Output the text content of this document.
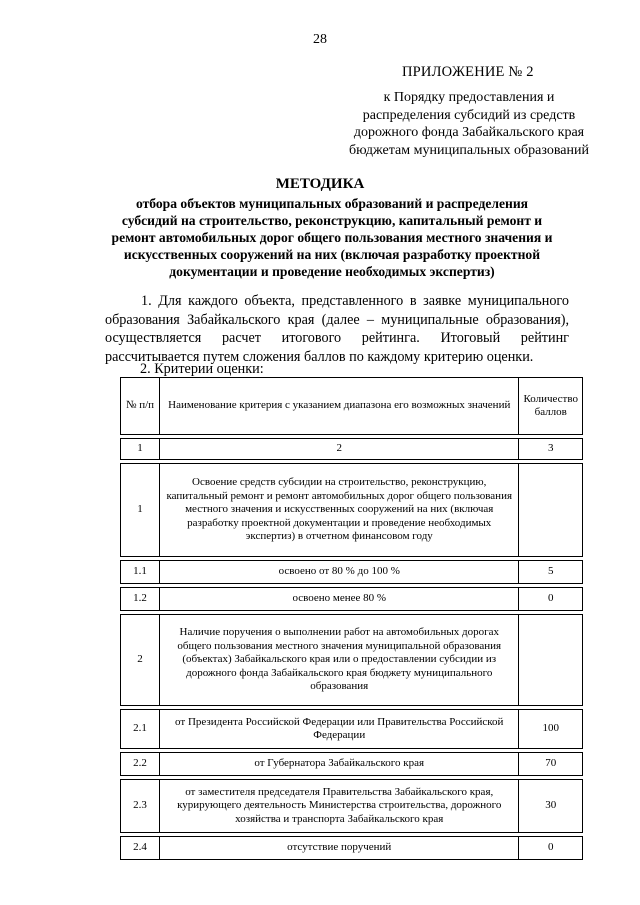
28
ПРИЛОЖЕНИЕ № 2
к Порядку предоставления и распределения субсидий из средств дорожного фонда Забайкальского края бюджетам муниципальных образований
МЕТОДИКА
отбора объектов муниципальных образований и распределения субсидий на строительство, реконструкцию, капитальный ремонт и ремонт автомобильных дорог общего пользования местного значения и искусственных сооружений на них (включая разработку проектной документации и проведение необходимых экспертиз)

1. Для каждого объекта, представленного в заявке муниципального образования Забайкальского края (далее – муниципальные образования), осуществляется расчет итогового рейтинга. Итоговый рейтинг рассчитывается путем сложения баллов по каждому критерию оценки.

2. Критерии оценки:
№ п/п	Наименование критерия с указанием диапазона его возможных значений	Количество баллов

1	2	3

1	Освоение средств субсидии на строительство, реконструкцию, капитальный ремонт и ремонт автомобильных дорог общего пользования местного значения и искусственных сооружений на них (включая разработку проектной документации и проведение необходимых экспертиз) в отчетном финансовом году	

1.1	освоено от 80 % до 100 %	5

1.2	освоено менее 80 %	0

2	Наличие поручения о выполнении работ на автомобильных дорогах общего пользования местного значения муниципальной образования (объектах) Забайкальского края или о предоставлении субсидии из дорожного фонда Забайкальского края бюджету муниципального образования	

2.1	от Президента Российской Федерации или Правительства Российской Федерации	100

2.2	от Губернатора Забайкальского края	70

2.3	от заместителя председателя Правительства Забайкальского края, курирующего деятельность Министерства строительства, дорожного хозяйства и транспорта Забайкальского края	30

2.4	отсутствие поручений	0
